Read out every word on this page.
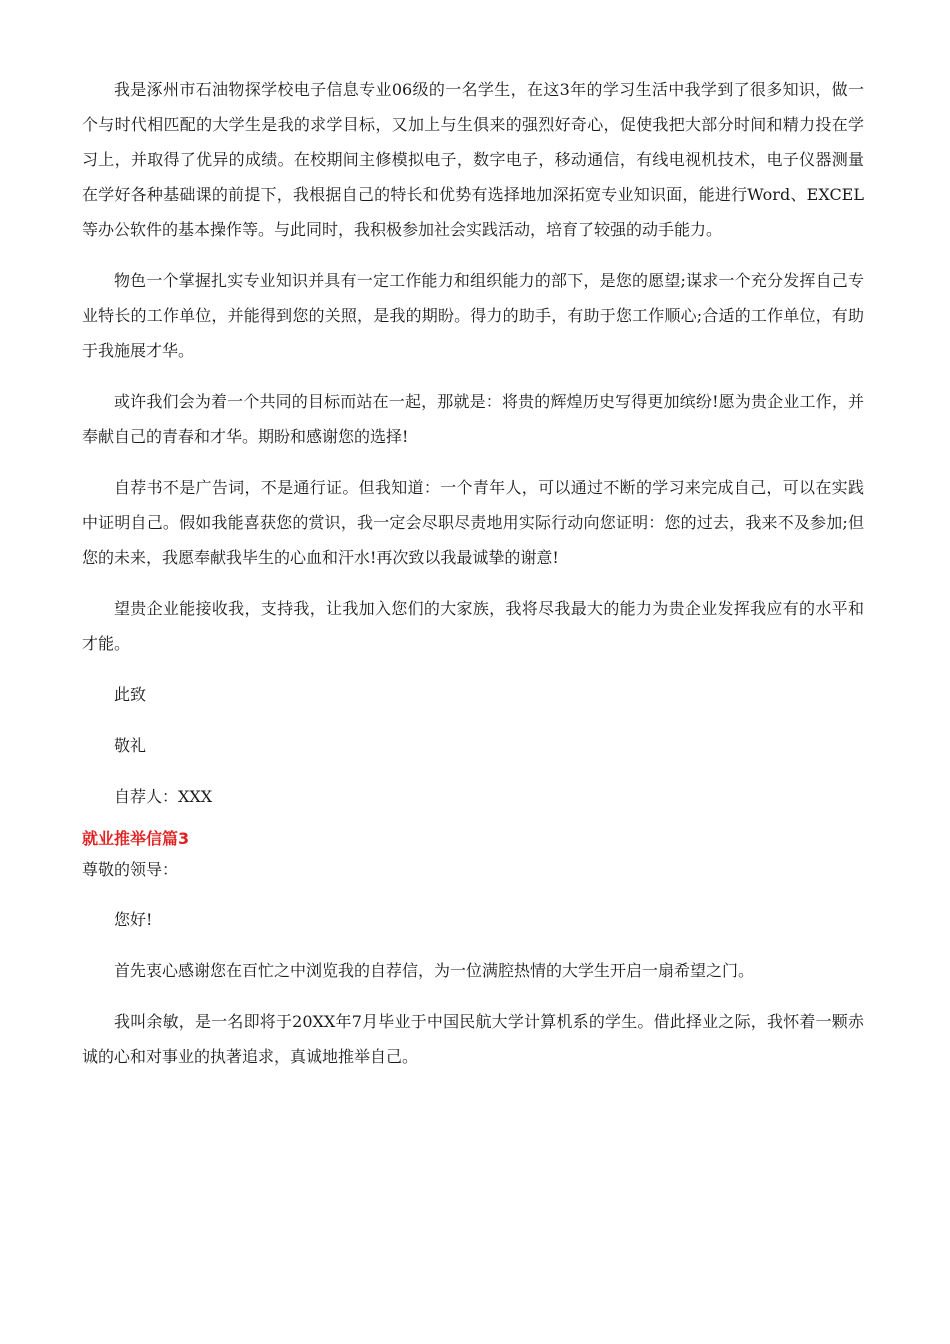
我是涿州市石油物探学校电子信息专业06级的一名学生，在这3年的学习生活中我学到了很多知识，做一个与时代相匹配的大学生是我的求学目标，又加上与生俱来的强烈好奇心，促使我把大部分时间和精力投在学习上，并取得了优异的成绩。在校期间主修模拟电子，数字电子，移动通信，有线电视机技术，电子仪器测量在学好各种基础课的前提下，我根据自己的特长和优势有选择地加深拓宽专业知识面，能进行Word、EXCEL等办公软件的基本操作等。与此同时，我积极参加社会实践活动，培育了较强的动手能力。

物色一个掌握扎实专业知识并具有一定工作能力和组织能力的部下，是您的愿望;谋求一个充分发挥自己专业特长的工作单位，并能得到您的关照，是我的期盼。得力的助手，有助于您工作顺心;合适的工作单位，有助于我施展才华。

或许我们会为着一个共同的目标而站在一起，那就是：将贵的辉煌历史写得更加缤纷!愿为贵企业工作，并奉献自己的青春和才华。期盼和感谢您的选择!

自荐书不是广告词，不是通行证。但我知道：一个青年人，可以通过不断的学习来完成自己，可以在实践中证明自己。假如我能喜获您的赏识，我一定会尽职尽责地用实际行动向您证明：您的过去，我来不及参加;但您的未来，我愿奉献我毕生的心血和汗水!再次致以我最诚挚的谢意!

望贵企业能接收我，支持我，让我加入您们的大家族，我将尽我最大的能力为贵企业发挥我应有的水平和才能。

此致

敬礼

自荐人：XXX

就业推举信篇3

尊敬的领导：

您好!

首先衷心感谢您在百忙之中浏览我的自荐信，为一位满腔热情的大学生开启一扇希望之门。

我叫余敏，是一名即将于20XX年7月毕业于中国民航大学计算机系的学生。借此择业之际，我怀着一颗赤诚的心和对事业的执著追求，真诚地推举自己。
